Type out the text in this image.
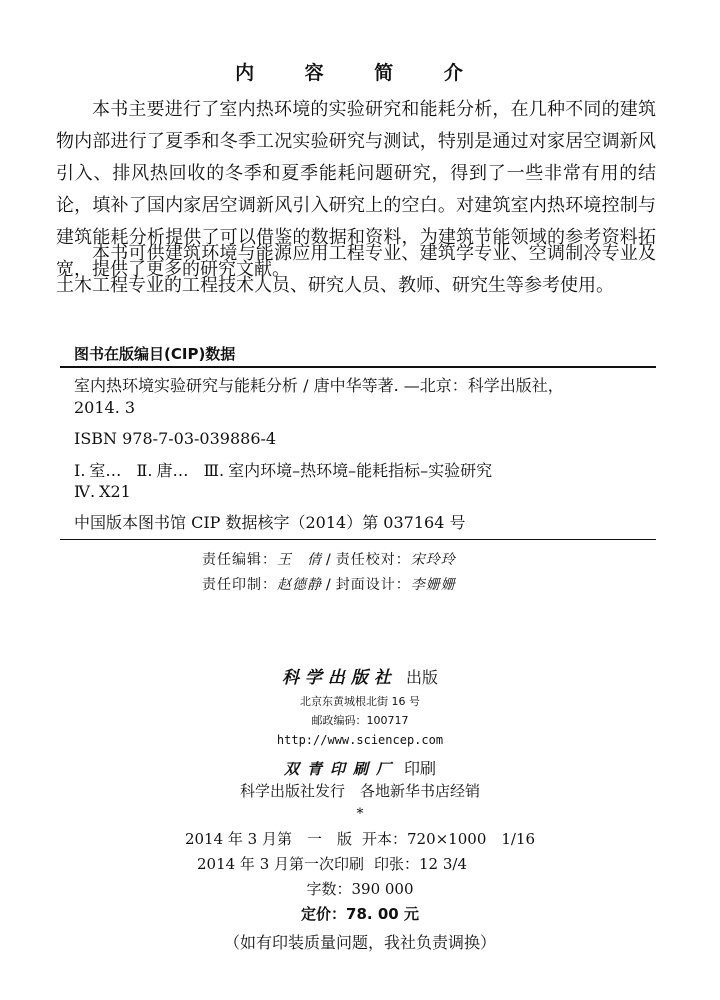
内 容 简 介

本书主要进行了室内热环境的实验研究和能耗分析，在几种不同的建筑物内部进行了夏季和冬季工况实验研究与测试，特别是通过对家居空调新风引入、排风热回收的冬季和夏季能耗问题研究，得到了一些非常有用的结论，填补了国内家居空调新风引入研究上的空白。对建筑室内热环境控制与建筑能耗分析提供了可以借鉴的数据和资料，为建筑节能领域的参考资料拓宽，提供了更多的研究文献。

本书可供建筑环境与能源应用工程专业、建筑学专业、空调制冷专业及土木工程专业的工程技术人员、研究人员、教师、研究生等参考使用。

图书在版编目(CIP)数据
室内热环境实验研究与能耗分析 / 唐中华等著. —北京：科学出版社，
2014. 3
ISBN 978-7-03-039886-4
Ⅰ. 室… Ⅱ. 唐… Ⅲ. 室内环境–热环境–能耗指标–实验研究
Ⅳ. X21
中国版本图书馆 CIP 数据核字（2014）第 037164 号
责任编辑：王　倩 / 责任校对：宋玲玲
责任印制：赵德静 / 封面设计：李姗姗
科学出版社 出版
北京东黄城根北街 16 号
邮政编码：100717
http://www.sciencep.com
双青印刷厂 印刷
科学出版社发行　各地新华书店经销
*
2014 年 3 月第　一　版 开本：720×1000　1/16
2014 年 3 月第一次印刷 印张：12 3/4
字数：390 000
定价：78. 00 元
（如有印装质量问题，我社负责调换）
